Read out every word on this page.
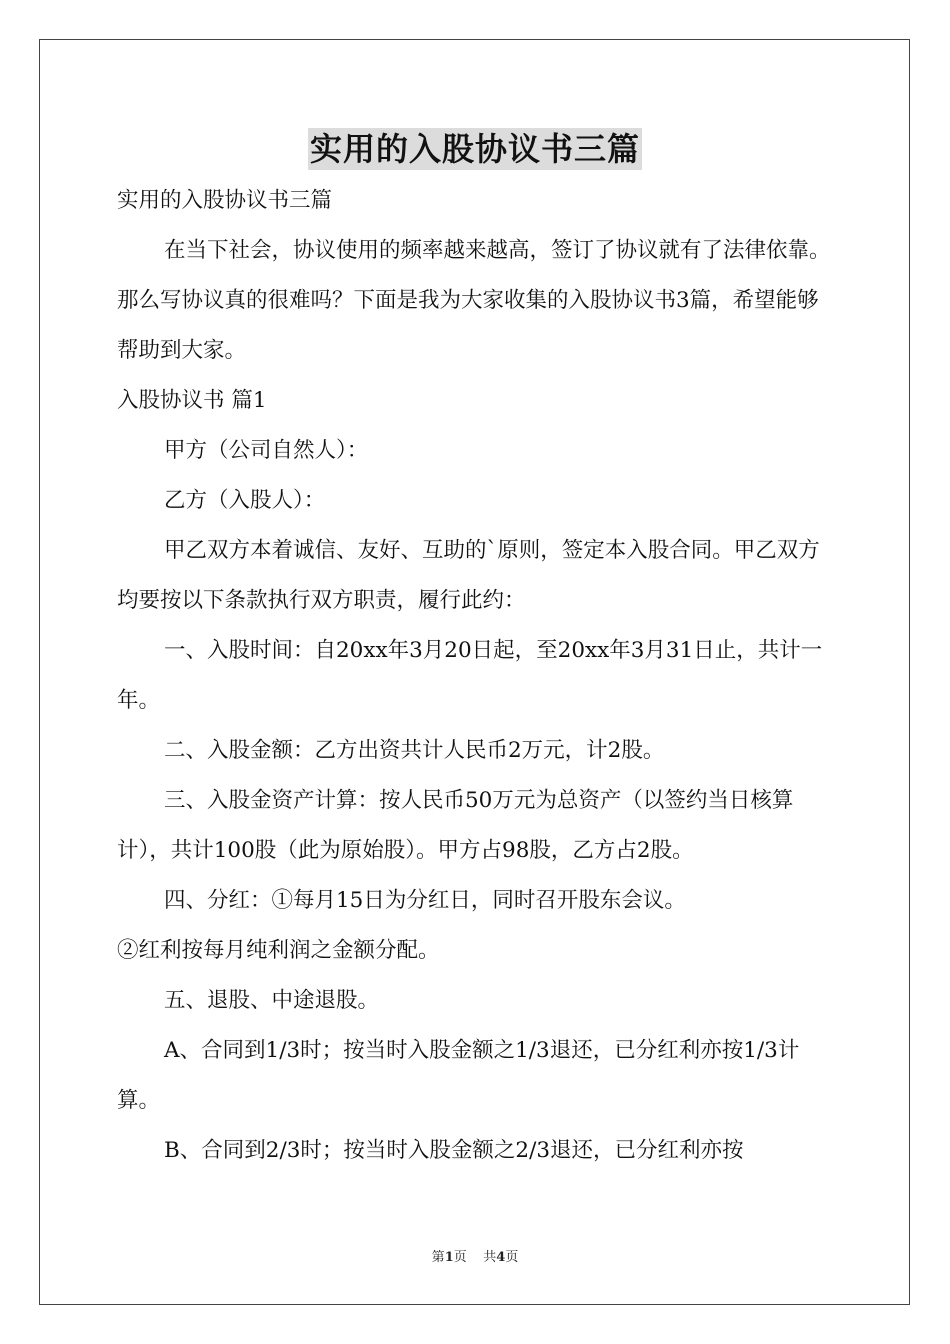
实用的入股协议书三篇

实用的入股协议书三篇

在当下社会，协议使用的频率越来越高，签订了协议就有了法律依靠。那么写协议真的很难吗？下面是我为大家收集的入股协议书3篇，希望能够帮助到大家。

入股协议书 篇1

甲方（公司自然人）：

乙方（入股人）：

甲乙双方本着诚信、友好、互助的`原则，签定本入股合同。甲乙双方均要按以下条款执行双方职责，履行此约：

一、入股时间：自20xx年3月20日起，至20xx年3月31日止，共计一 年。

二、入股金额：乙方出资共计人民币2万元，计2股。

三、入股金资产计算：按人民币50万元为总资产（以签约当日核算计），共计100股（此为原始股）。甲方占98股，乙方占2股。

四、分红：①每月15日为分红日，同时召开股东会议。

②红利按每月纯利润之金额分配。

五、退股、中途退股。

A、合同到1/3时；按当时入股金额之1/3退还，已分红利亦按1/3计算。

B、合同到2/3时；按当时入股金额之2/3退还，已分红利亦按

第1页    共4页
